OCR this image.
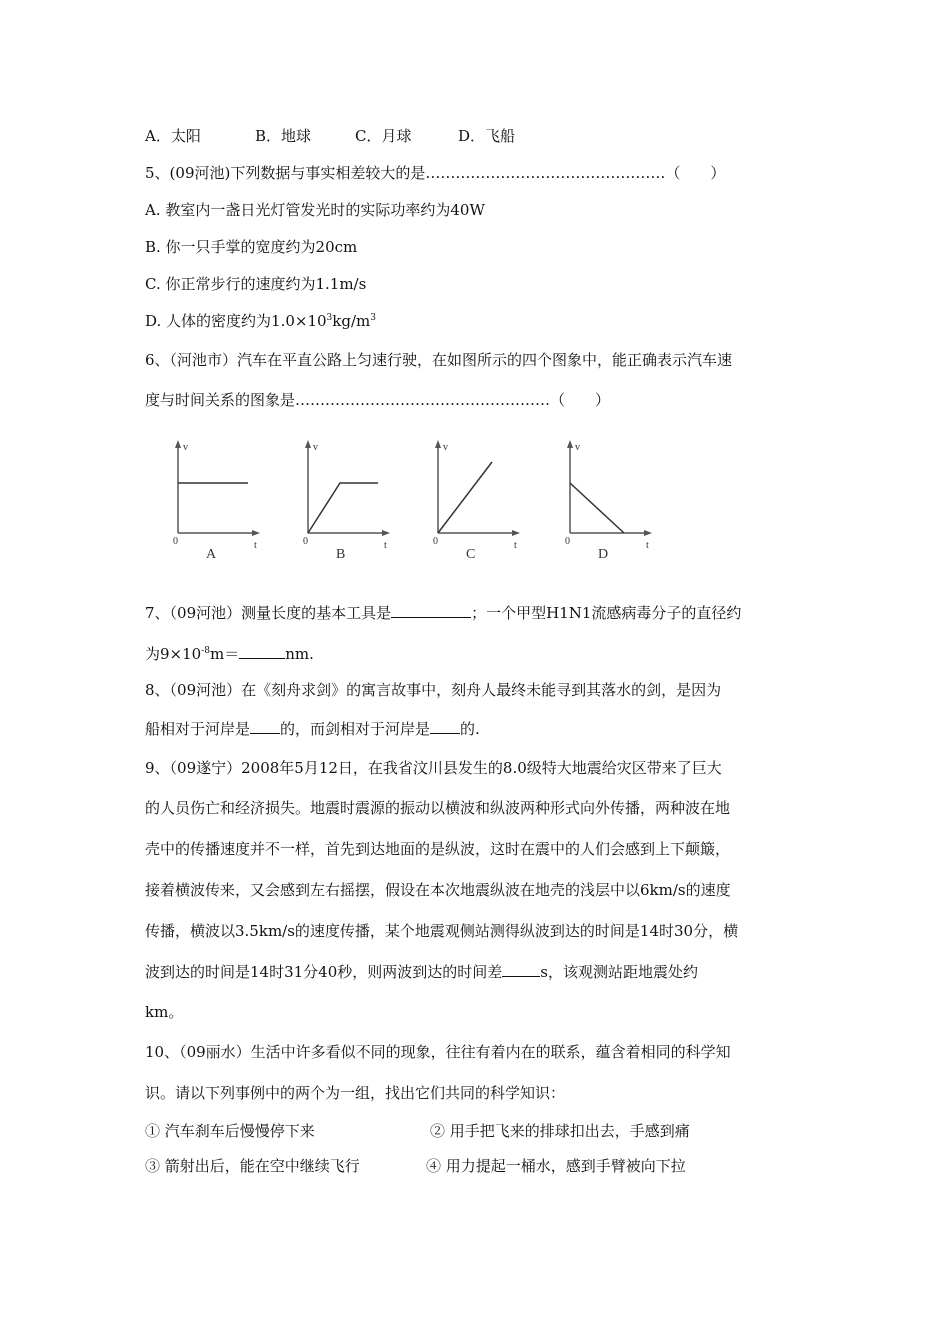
A．太阳	B．地球	C．月球	D．飞船
5、(09河池)下列数据与事实相差较大的是…………………………………………（　　）
A. 教室内一盏日光灯管发光时的实际功率约为40W
B. 你一只手掌的宽度约为20cm
C. 你正常步行的速度约为1.1m/s
D. 人体的密度约为$1.0\times 10^3kg/m^3$
6、（河池市）汽车在平直公路上匀速行驶，在如图所示的四个图象中，能正确表示汽车速
度与时间关系的图象是……………………………………………（　　）
v
0	t
A
v
0	t
B
v
0	t
C
v
0	t
D
7、（09河池）测量长度的基本工具是	；一个甲型H1N1流感病毒分子的直径约
为$9\times 10^{-8}m=$	nm.
8、（09河池）在《刻舟求剑》的寓言故事中，刻舟人最终未能寻到其落水的剑，是因为
船相对于河岸是 的，而剑相对于河岸是 的.
9、（09遂宁）2008年5月12日，在我省汶川县发生的8.0级特大地震给灾区带来了巨大
的人员伤亡和经济损失。地震时震源的振动以横波和纵波两种形式向外传播，两种波在地
壳中的传播速度并不一样，首先到达地面的是纵波，这时在震中的人们会感到上下颠簸，
接着横波传来，又会感到左右摇摆，假设在本次地震纵波在地壳的浅层中以6km/s的速度
传播，横波以3.5km/s的速度传播，某个地震观侧站测得纵波到达的时间是14时30分，横
波到达的时间是14时31分40秒，则两波到达的时间差	s，该观测站距地震处约
km。
10、（09丽水）生活中许多看似不同的现象，往往有着内在的联系，蕴含着相同的科学知
识。请以下列事例中的两个为一组，找出它们共同的科学知识：
① 汽车刹车后慢慢停下来	② 用手把飞来的排球扣出去，手感到痛
③ 箭射出后，能在空中继续飞行	④ 用力提起一桶水，感到手臂被向下拉
